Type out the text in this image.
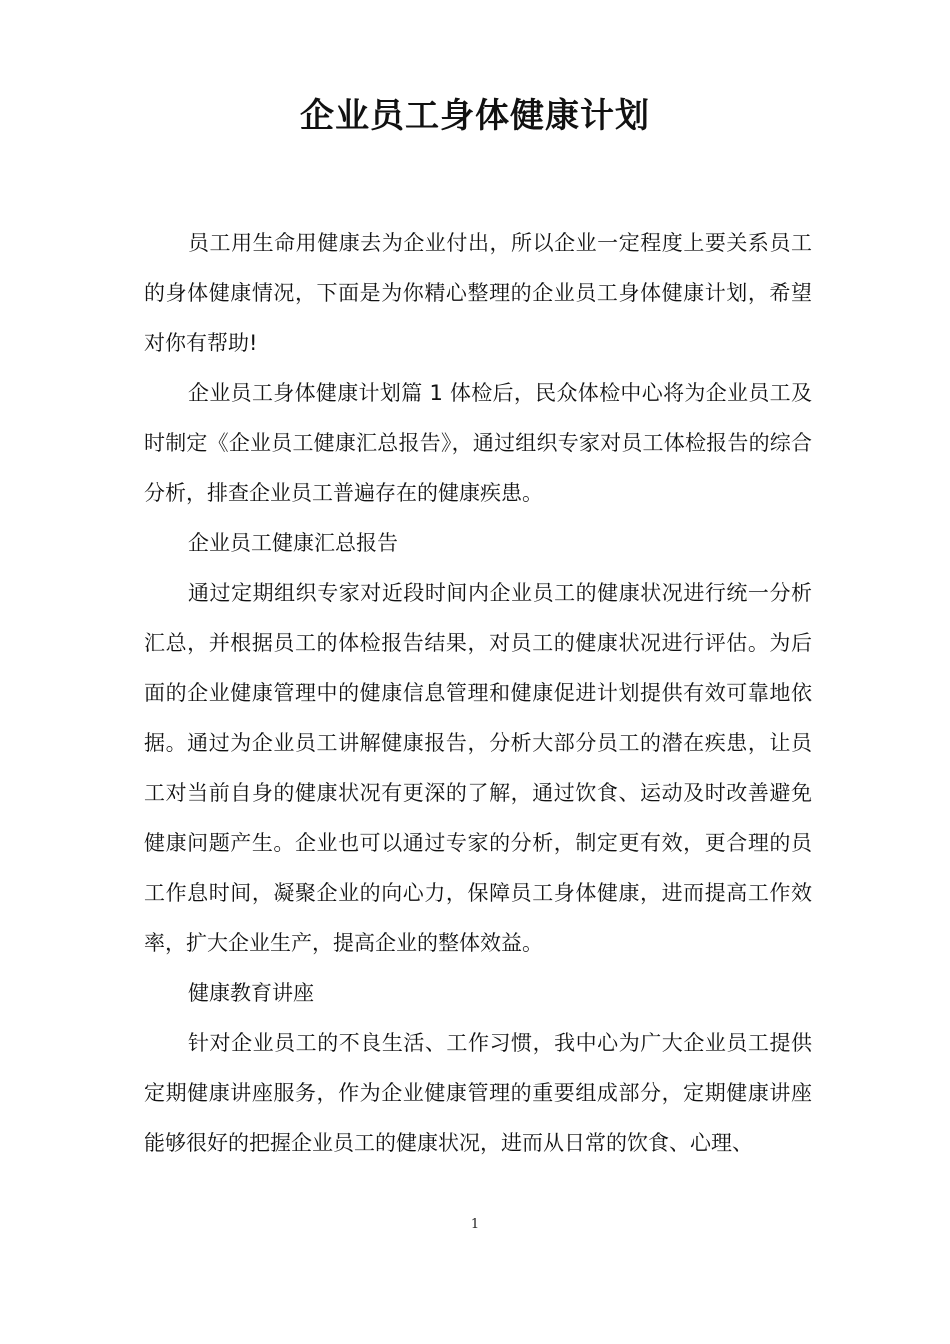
企业员工身体健康计划

员工用生命用健康去为企业付出，所以企业一定程度上要关系员工的身体健康情况，下面是为你精心整理的企业员工身体健康计划，希望对你有帮助!

企业员工身体健康计划篇 1 体检后，民众体检中心将为企业员工及时制定《企业员工健康汇总报告》，通过组织专家对员工体检报告的综合分析，排查企业员工普遍存在的健康疾患。

企业员工健康汇总报告

通过定期组织专家对近段时间内企业员工的健康状况进行统一分析汇总，并根据员工的体检报告结果，对员工的健康状况进行评估。为后面的企业健康管理中的健康信息管理和健康促进计划提供有效可靠地依据。通过为企业员工讲解健康报告，分析大部分员工的潜在疾患，让员工对当前自身的健康状况有更深的了解，通过饮食、运动及时改善避免健康问题产生。企业也可以通过专家的分析，制定更有效，更合理的员工作息时间，凝聚企业的向心力，保障员工身体健康，进而提高工作效率，扩大企业生产，提高企业的整体效益。

健康教育讲座

针对企业员工的不良生活、工作习惯，我中心为广大企业员工提供定期健康讲座服务，作为企业健康管理的重要组成部分，定期健康讲座能够很好的把握企业员工的健康状况，进而从日常的饮食、心理、

1
